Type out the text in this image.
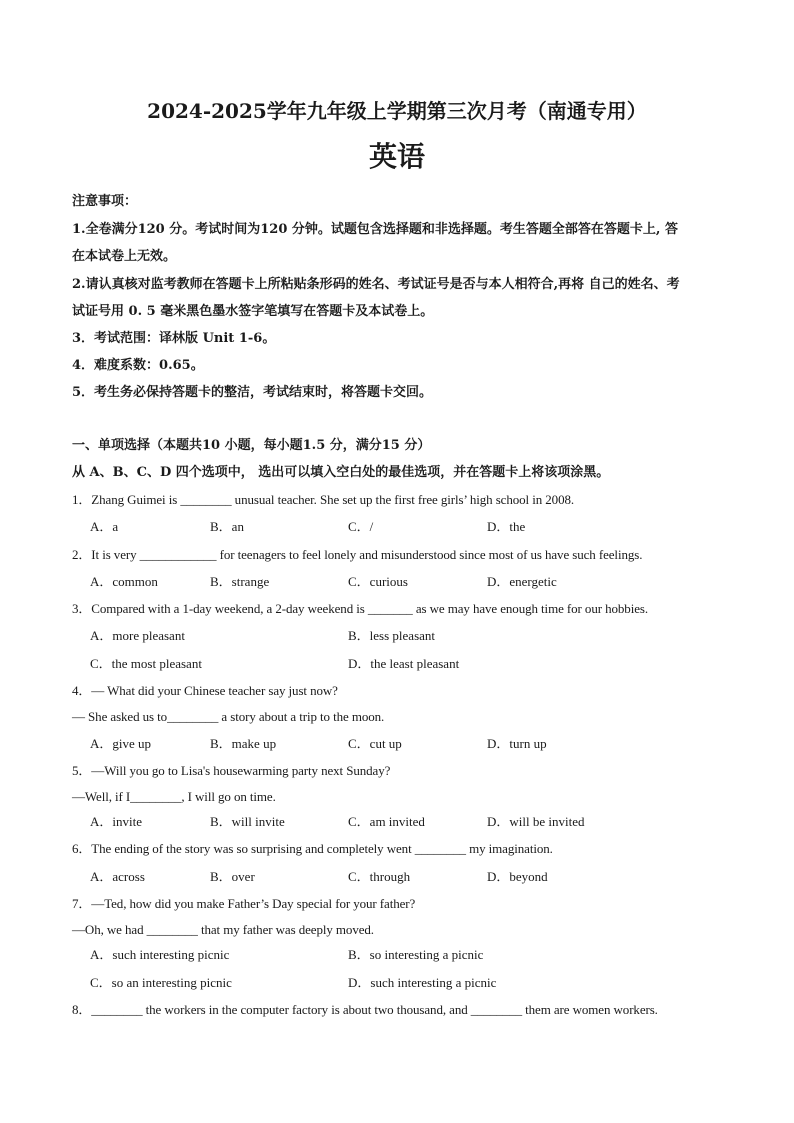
2024-2025学年九年级上学期第三次月考（南通专用）
英语
注意事项：
1.全卷满分120 分。考试时间为120 分钟。试题包含选择题和非选择题。考生答题全部答在答题卡上, 答
在本试卷上无效。
2.请认真核对监考教师在答题卡上所粘贴条形码的姓名、考试证号是否与本人相符合,再将 自己的姓名、考
试证号用 0. 5 毫米黑色墨水签字笔填写在答题卡及本试卷上。
3．考试范围：译林版 Unit 1-6。
4．难度系数：0.65。
5．考生务必保持答题卡的整洁，考试结束时，将答题卡交回。
一、单项选择（本题共10 小题，每小题1.5 分，满分15 分）
从 A、B、C、D 四个选项中， 选出可以填入空白处的最佳选项，并在答题卡上将该项涂黑。
1．Zhang Guimei is ________ unusual teacher. She set up the first free girls’ high school in 2008.
A．a	B．an	C．/	D．the
2．It is very ____________ for teenagers to feel lonely and misunderstood since most of us have such feelings.
A．common	B．strange	C．curious	D．energetic
3．Compared with a 1-day weekend, a 2-day weekend is _______ as we may have enough time for our hobbies.
A．more pleasant	B．less pleasant
C．the most pleasant	D．the least pleasant
4．— What did your Chinese teacher say just now?
— She asked us to________ a story about a trip to the moon.
A．give up	B．make up	C．cut up	D．turn up
5．—Will you go to Lisa's housewarming party next Sunday?
—Well, if I________, I will go on time.
A．invite	B．will invite	C．am invited	D．will be invited
6．The ending of the story was so surprising and completely went ________ my imagination.
A．across	B．over	C．through	D．beyond
7．—Ted, how did you make Father’s Day special for your father?
—Oh, we had ________ that my father was deeply moved.
A．such interesting picnic	B．so interesting a picnic
C．so an interesting picnic	D．such interesting a picnic
8．________ the workers in the computer factory is about two thousand, and ________ them are women workers.
